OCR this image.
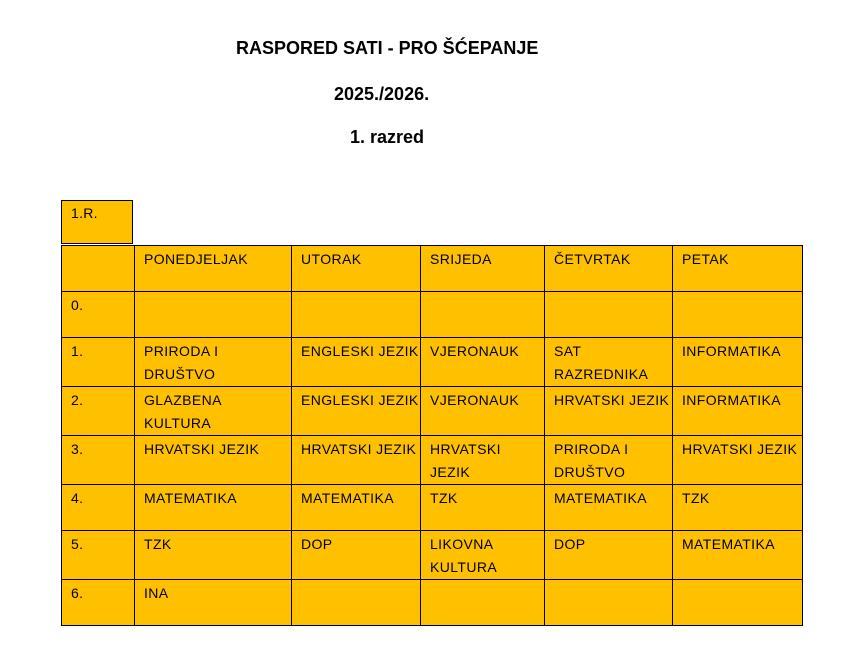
RASPORED SATI - PRO ŠĆEPANJE
2025./2026.
1. razred
1.R.
	PONEDJELJAK	UTORAK	SRIJEDA	ČETVRTAK	PETAK
0.					
1.	PRIRODA I DRUŠTVO	ENGLESKI JEZIK	VJERONAUK	SAT RAZREDNIKA	INFORMATIKA
2.	GLAZBENA KULTURA	ENGLESKI JEZIK	VJERONAUK	HRVATSKI JEZIK	INFORMATIKA
3.	HRVATSKI JEZIK	HRVATSKI JEZIK	HRVATSKI JEZIK	PRIRODA I DRUŠTVO	HRVATSKI JEZIK
4.	MATEMATIKA	MATEMATIKA	TZK	MATEMATIKA	TZK
5.	TZK	DOP	LIKOVNA KULTURA	DOP	MATEMATIKA
6.	INA				
